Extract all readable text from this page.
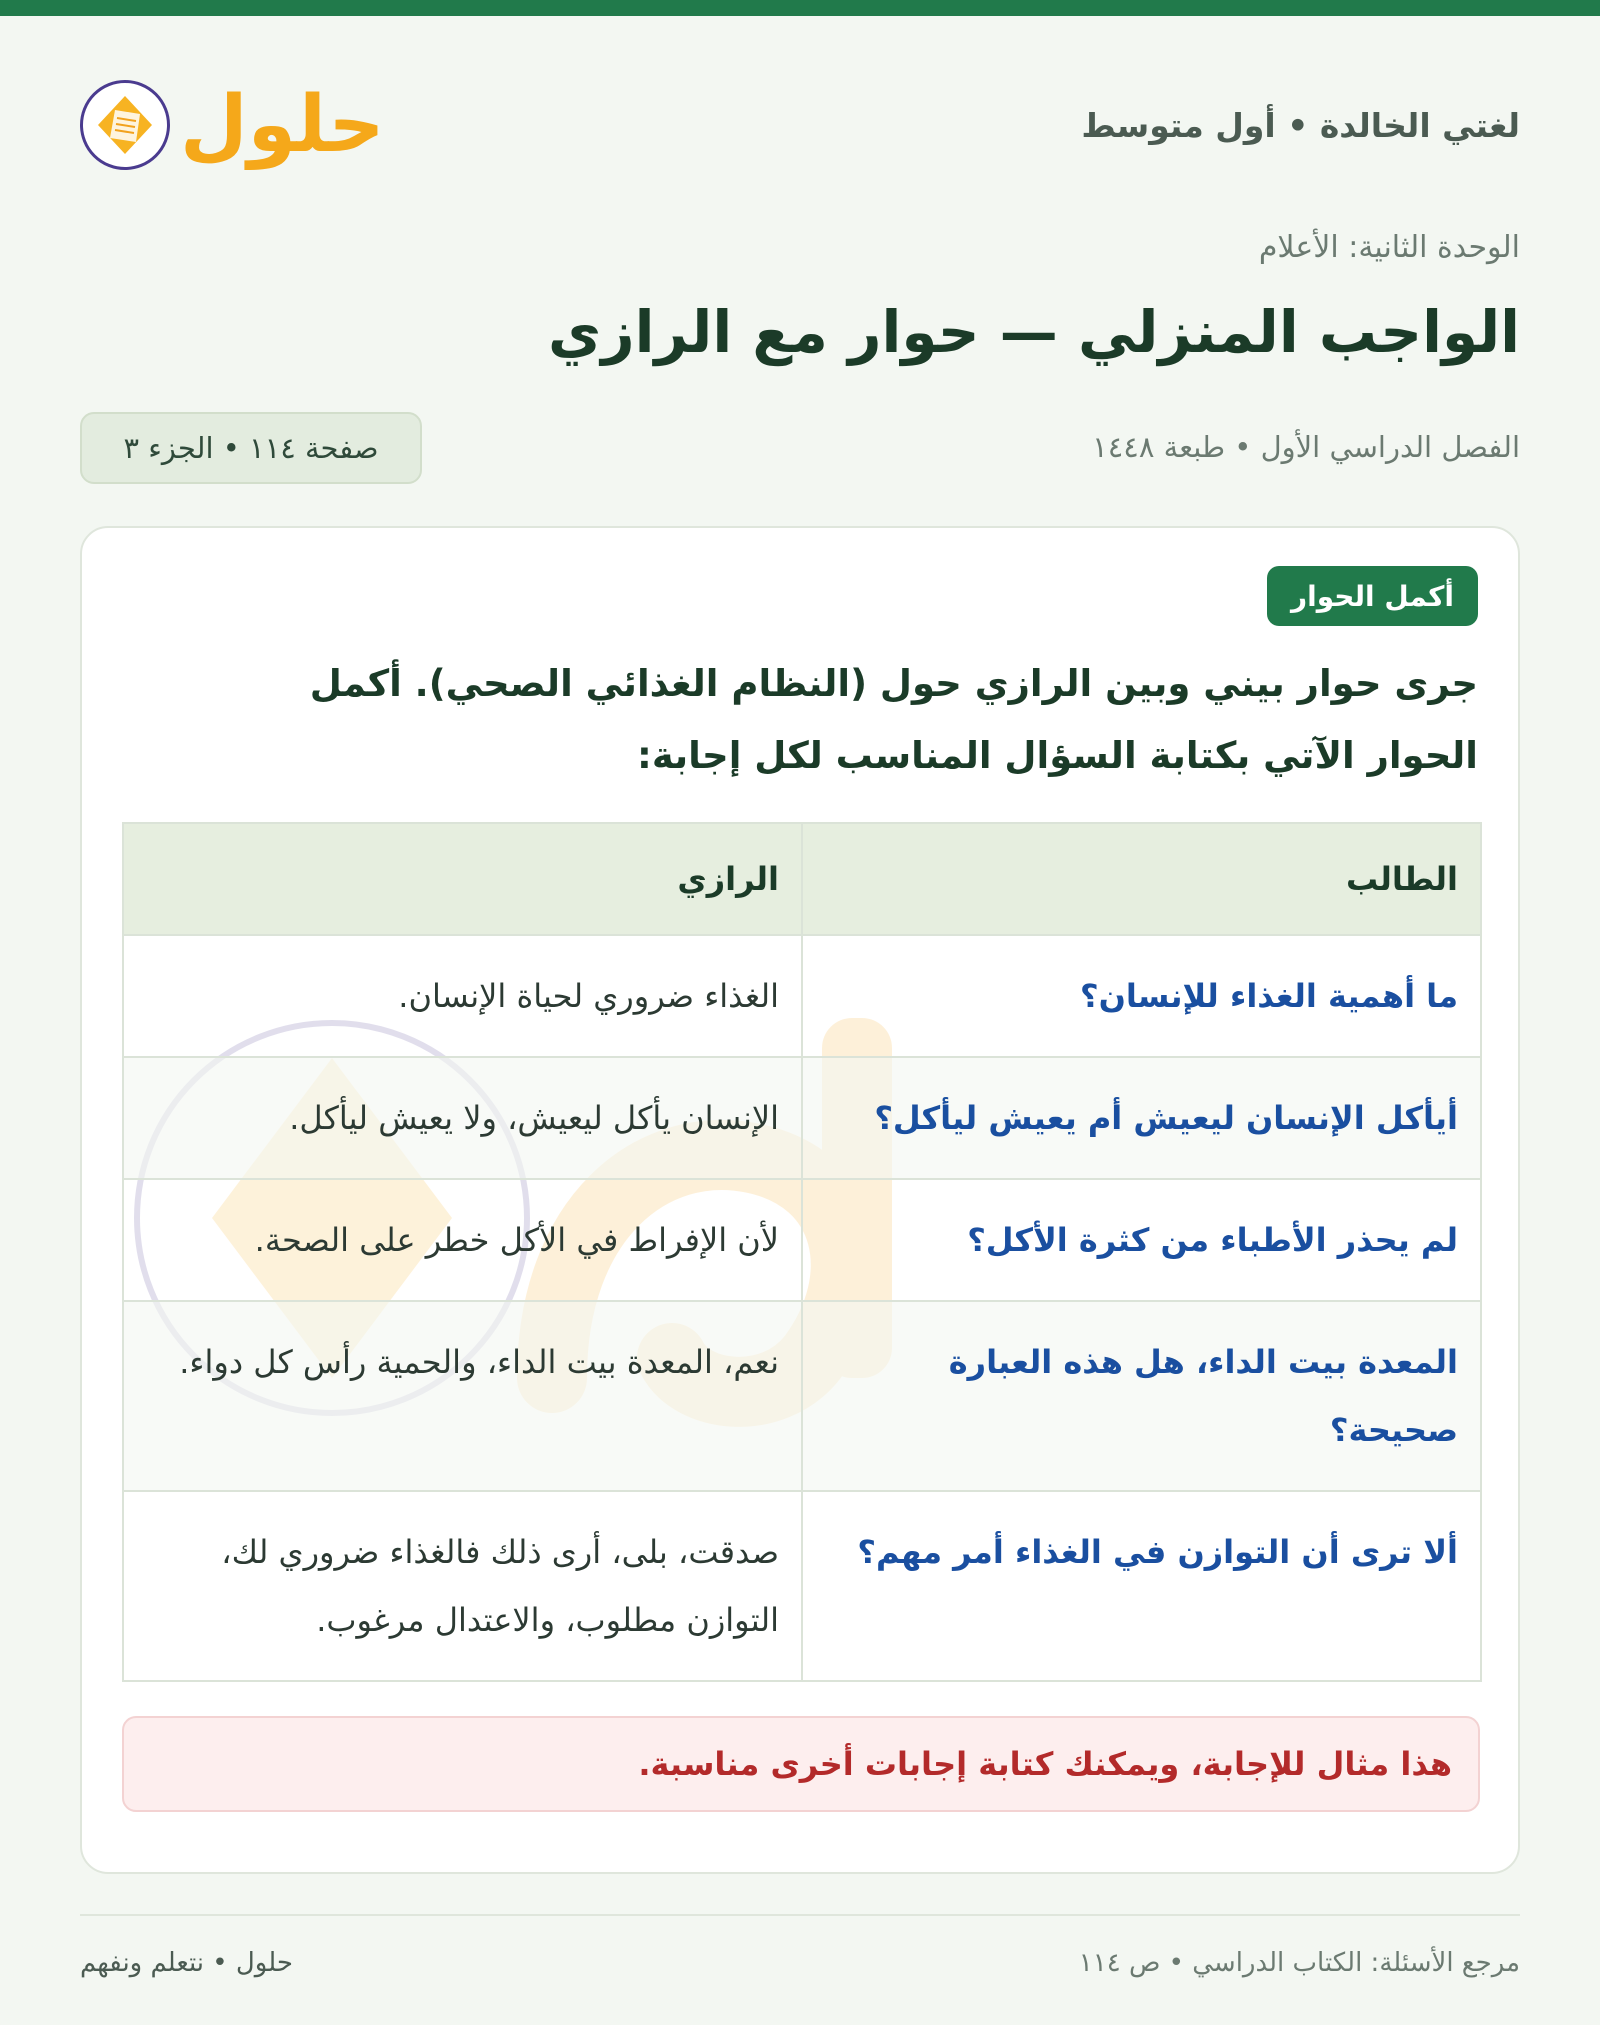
لغتي الخالدة • أول متوسط
حلول
الوحدة الثانية: الأعلام
الواجب المنزلي — حوار مع الرازي
الفصل الدراسي الأول • طبعة ١٤٤٨
صفحة ١١٤ • الجزء ٣
أكمل الحوار
جرى حوار بيني وبين الرازي حول (النظام الغذائي الصحي). أكمل الحوار الآتي بكتابة السؤال المناسب لكل إجابة:
الطالب	الرازي
ما أهمية الغذاء للإنسان؟	الغذاء ضروري لحياة الإنسان.
أيأكل الإنسان ليعيش أم يعيش ليأكل؟	الإنسان يأكل ليعيش، ولا يعيش ليأكل.
لم يحذر الأطباء من كثرة الأكل؟	لأن الإفراط في الأكل خطر على الصحة.
المعدة بيت الداء، هل هذه العبارة صحيحة؟	نعم، المعدة بيت الداء، والحمية رأس كل دواء.
ألا ترى أن التوازن في الغذاء أمر مهم؟	صدقت، بلى، أرى ذلك فالغذاء ضروري لك، التوازن مطلوب، والاعتدال مرغوب.
هذا مثال للإجابة، ويمكنك كتابة إجابات أخرى مناسبة.
حلول • نتعلم ونفهم	مرجع الأسئلة: الكتاب الدراسي • ص ١١٤
